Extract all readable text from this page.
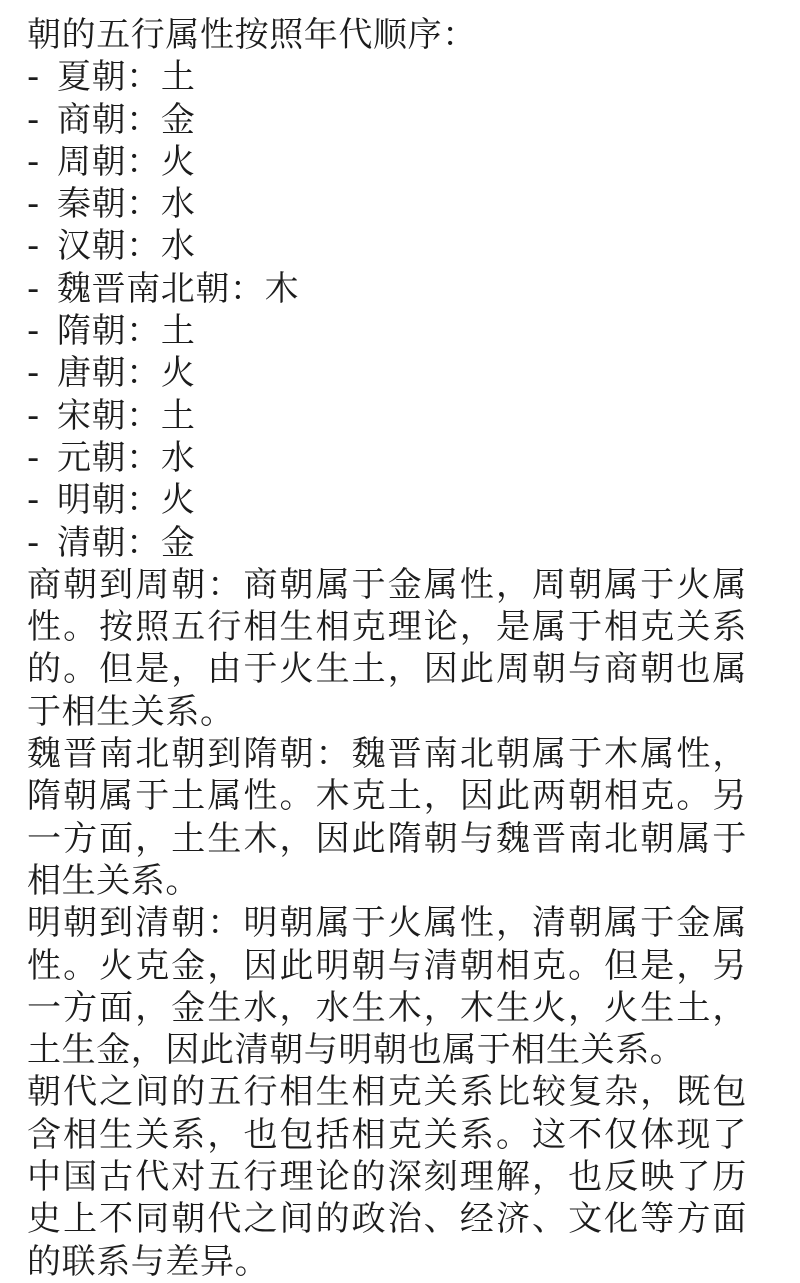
朝的五行属性按照年代顺序：
- 夏朝：土
- 商朝：金
- 周朝：火
- 秦朝：水
- 汉朝：水
- 魏晋南北朝：木
- 隋朝：土
- 唐朝：火
- 宋朝：土
- 元朝：水
- 明朝：火
- 清朝：金
商朝到周朝：商朝属于金属性，周朝属于火属性。按照五行相生相克理论，是属于相克关系的。但是，由于火生土，因此周朝与商朝也属于相生关系。
魏晋南北朝到隋朝：魏晋南北朝属于木属性，隋朝属于土属性。木克土，因此两朝相克。另一方面，土生木，因此隋朝与魏晋南北朝属于相生关系。
明朝到清朝：明朝属于火属性，清朝属于金属性。火克金，因此明朝与清朝相克。但是，另一方面，金生水，水生木，木生火，火生土，土生金，因此清朝与明朝也属于相生关系。
朝代之间的五行相生相克关系比较复杂，既包含相生关系，也包括相克关系。这不仅体现了中国古代对五行理论的深刻理解，也反映了历史上不同朝代之间的政治、经济、文化等方面的联系与差异。
